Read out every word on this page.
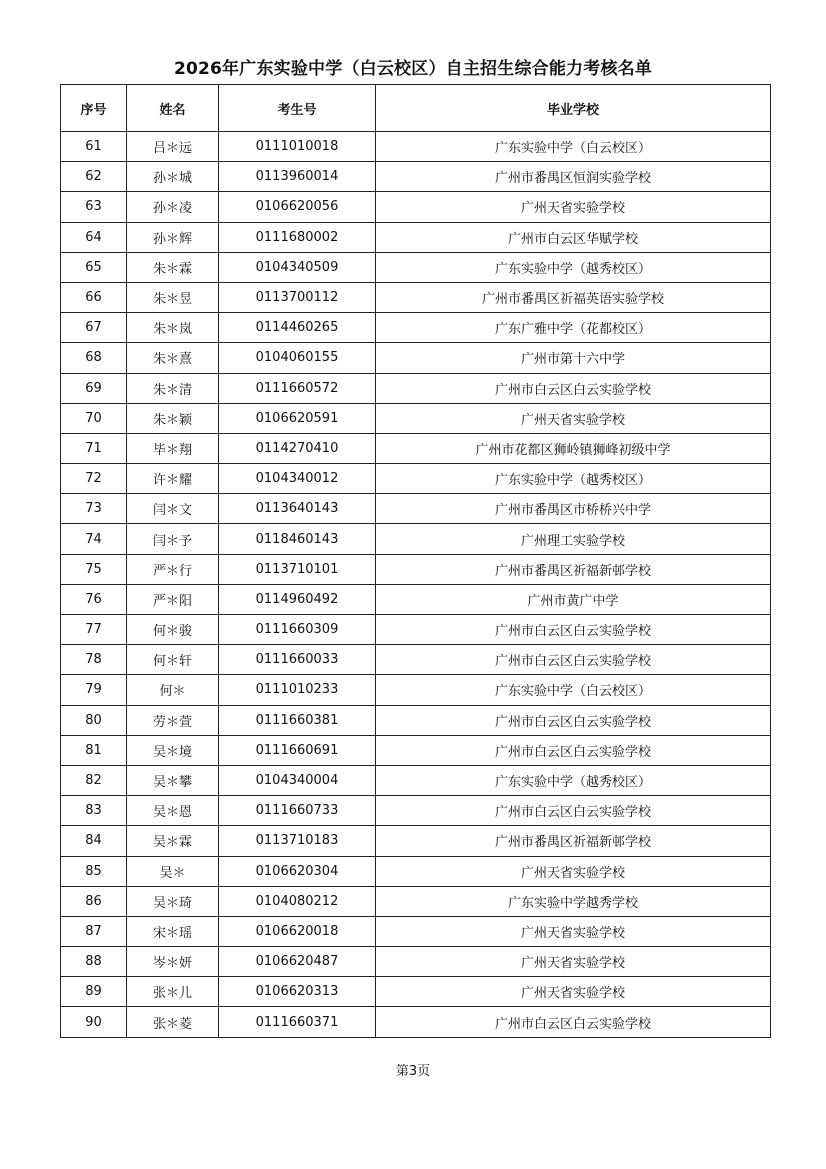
2026年广东实验中学（白云校区）自主招生综合能力考核名单
序号	姓名	考生号	毕业学校
61	吕＊远	0111010018	广东实验中学（白云校区）
62	孙＊城	0113960014	广州市番禺区恒润实验学校
63	孙＊凌	0106620056	广州天省实验学校
64	孙＊辉	0111680002	广州市白云区华赋学校
65	朱＊霖	0104340509	广东实验中学（越秀校区）
66	朱＊昱	0113700112	广州市番禺区祈福英语实验学校
67	朱＊岚	0114460265	广东广雅中学（花都校区）
68	朱＊熹	0104060155	广州市第十六中学
69	朱＊清	0111660572	广州市白云区白云实验学校
70	朱＊颖	0106620591	广州天省实验学校
71	毕＊翔	0114270410	广州市花都区狮岭镇狮峰初级中学
72	许＊耀	0104340012	广东实验中学（越秀校区）
73	闫＊文	0113640143	广州市番禺区市桥桥兴中学
74	闫＊予	0118460143	广州理工实验学校
75	严＊行	0113710101	广州市番禺区祈福新邨学校
76	严＊阳	0114960492	广州市黄广中学
77	何＊骏	0111660309	广州市白云区白云实验学校
78	何＊轩	0111660033	广州市白云区白云实验学校
79	何＊	0111010233	广东实验中学（白云校区）
80	劳＊萱	0111660381	广州市白云区白云实验学校
81	吴＊境	0111660691	广州市白云区白云实验学校
82	吴＊攀	0104340004	广东实验中学（越秀校区）
83	吴＊恩	0111660733	广州市白云区白云实验学校
84	吴＊霖	0113710183	广州市番禺区祈福新邨学校
85	吴＊	0106620304	广州天省实验学校
86	吴＊琦	0104080212	广东实验中学越秀学校
87	宋＊瑶	0106620018	广州天省实验学校
88	岑＊妍	0106620487	广州天省实验学校
89	张＊儿	0106620313	广州天省实验学校
90	张＊菱	0111660371	广州市白云区白云实验学校
第3页
